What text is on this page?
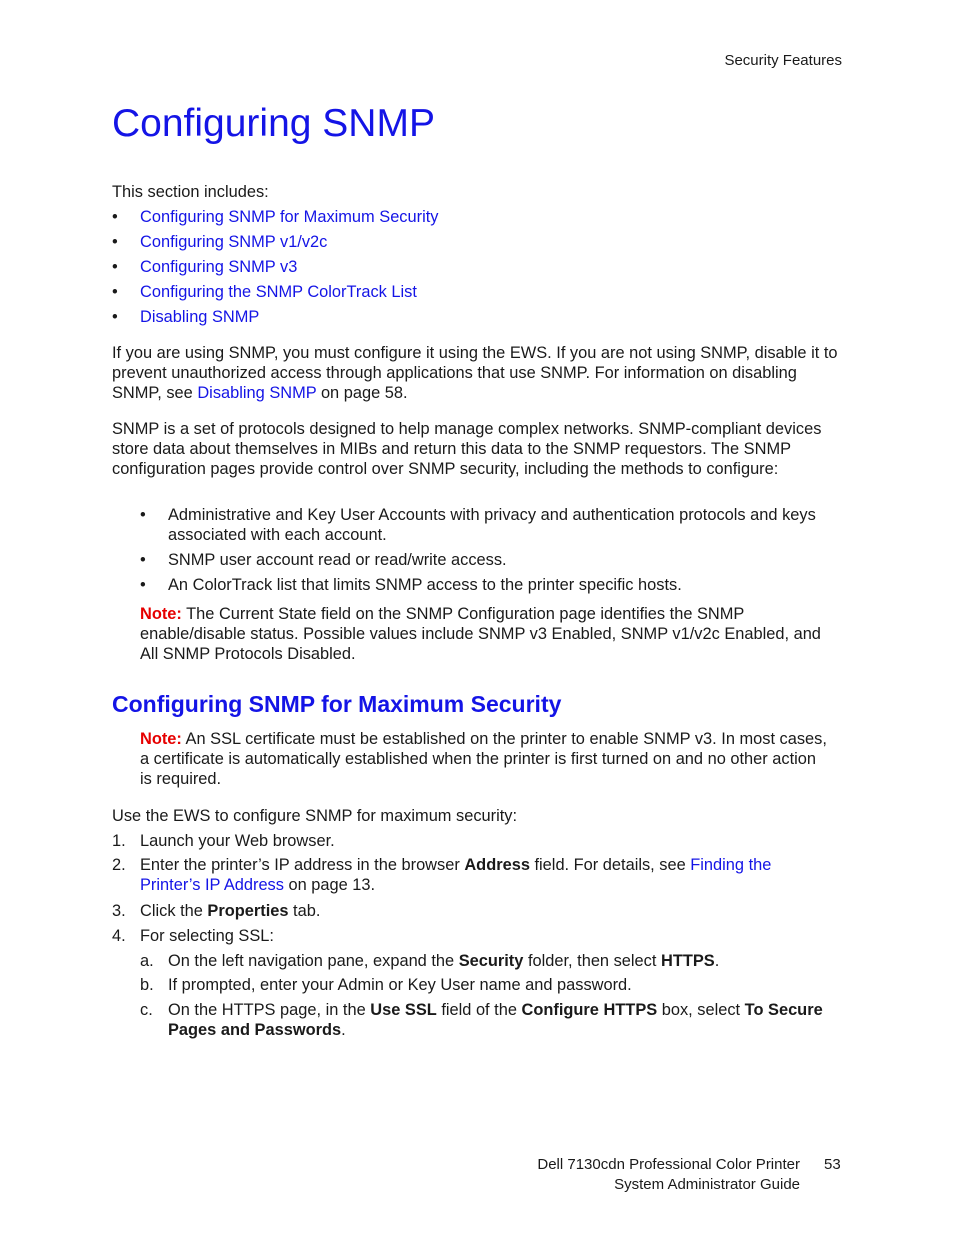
Security Features
Configuring SNMP
This section includes:
•	Configuring SNMP for Maximum Security
•	Configuring SNMP v1/v2c
•	Configuring SNMP v3
•	Configuring the SNMP ColorTrack List
•	Disabling SNMP
If you are using SNMP, you must configure it using the EWS. If you are not using SNMP, disable it to prevent unauthorized access through applications that use SNMP. For information on disabling SNMP, see Disabling SNMP on page 58.
SNMP is a set of protocols designed to help manage complex networks. SNMP-compliant devices store data about themselves in MIBs and return this data to the SNMP requestors. The SNMP configuration pages provide control over SNMP security, including the methods to configure:
• Administrative and Key User Accounts with privacy and authentication protocols and keys associated with each account.
• SNMP user account read or read/write access.
• An ColorTrack list that limits SNMP access to the printer specific hosts.
Note: The Current State field on the SNMP Configuration page identifies the SNMP enable/disable status. Possible values include SNMP v3 Enabled, SNMP v1/v2c Enabled, and All SNMP Protocols Disabled.
Configuring SNMP for Maximum Security
Note: An SSL certificate must be established on the printer to enable SNMP v3. In most cases, a certificate is automatically established when the printer is first turned on and no other action is required.
Use the EWS to configure SNMP for maximum security:
1. Launch your Web browser.
2. Enter the printer’s IP address in the browser Address field. For details, see Finding the Printer’s IP Address on page 13.
3. Click the Properties tab.
4. For selecting SSL:
a. On the left navigation pane, expand the Security folder, then select HTTPS.
b. If prompted, enter your Admin or Key User name and password.
c. On the HTTPS page, in the Use SSL field of the Configure HTTPS box, select To Secure Pages and Passwords.
Dell 7130cdn Professional Color Printer
System Administrator Guide
53
